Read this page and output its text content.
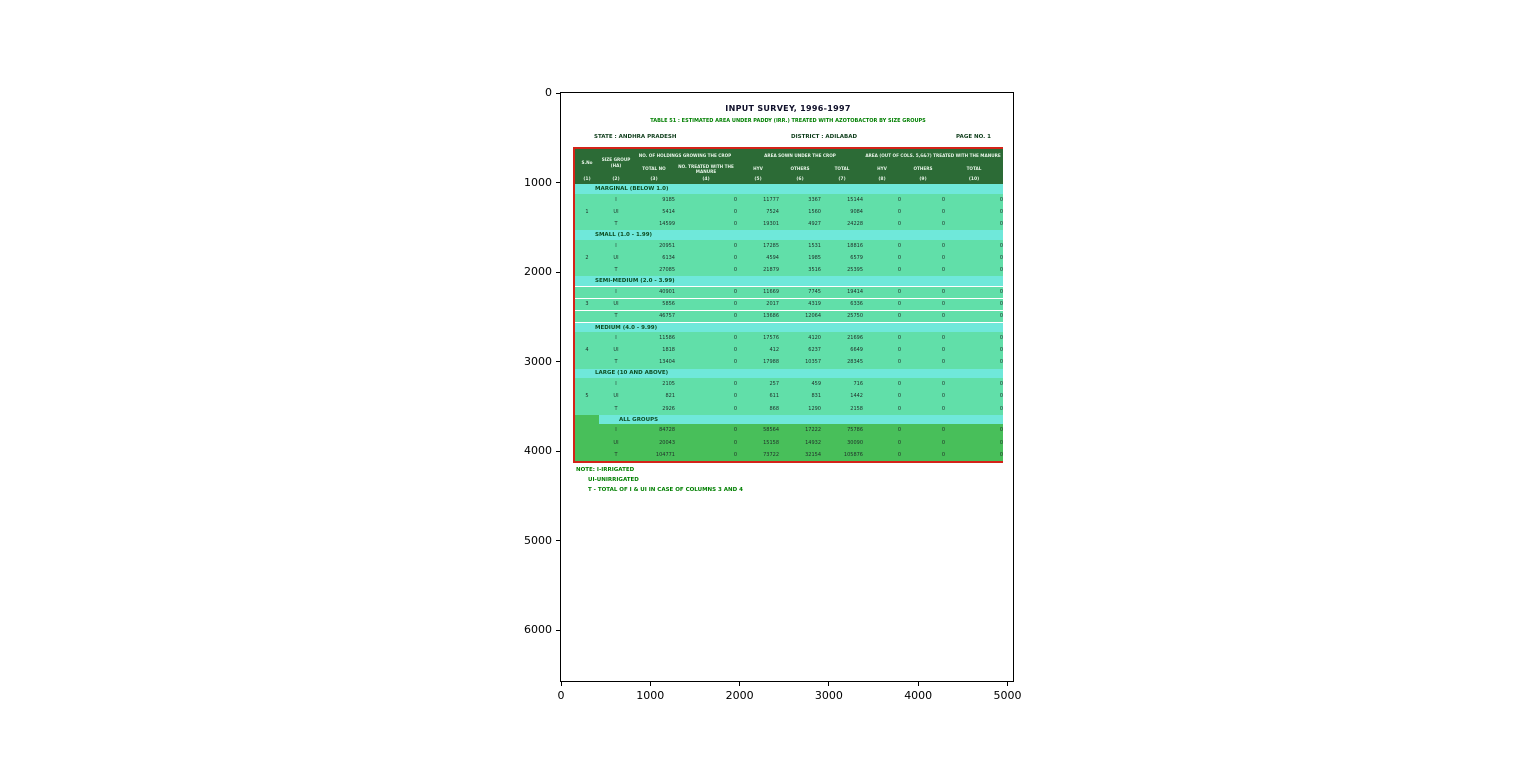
INPUT SURVEY, 1996-1997
TABLE 51 : ESTIMATED AREA UNDER PADDY (IRR.) TREATED WITH AZOTOBACTOR BY SIZE GROUPS
STATE : ANDHRA PRADESH	DISTRICT : ADILABAD	PAGE NO. 1
S.No	SIZE GROUP (HA)	NO. OF HOLDINGS GROWING THE CROP		AREA SOWN UNDER THE CROP			AREA (OUT OF COLS. 5,6&7) TREATED WITH THE MANURE		
		TOTAL NO	NO. TREATED WITH THE MANURE	HYV	OTHERS	TOTAL	HYV	OTHERS	TOTAL
(1)	(2)	(3)	(4)	(5)	(6)	(7)	(8)	(9)	(10)
MARGINAL (BELOW 1.0)									
	I	9185	0	11777	3367	15144	0	0	0
1	UI	5414	0	7524	1560	9084	0	0	0
	T	14599	0	19301	4927	24228	0	0	0
SMALL (1.0 - 1.99)									
	I	20951	0	17285	1531	18816	0	0	0
2	UI	6134	0	4594	1985	6579	0	0	0
	T	27085	0	21879	3516	25395	0	0	0
SEMI-MEDIUM (2.0 - 3.99)									
	I	40901	0	11669	7745	19414	0	0	0
3	UI	5856	0	2017	4319	6336	0	0	0
	T	46757	0	13686	12064	25750	0	0	0
MEDIUM (4.0 - 9.99)									
	I	11586	0	17576	4120	21696	0	0	0
4	UI	1818	0	412	6237	6649	0	0	0
	T	13404	0	17988	10357	28345	0	0	0
LARGE (10 AND ABOVE)									
	I	2105	0	257	459	716	0	0	0
5	UI	821	0	611	831	1442	0	0	0
	T	2926	0	868	1290	2158	0	0	0
	ALL GROUPS								
	I	84728	0	58564	17222	75786	0	0	0
	UI	20043	0	15158	14932	30090	0	0	0
	T	104771	0	73722	32154	105876	0	0	0
NOTE: I-IRRIGATED
UI-UNIRRIGATED
T - TOTAL OF I & UI IN CASE OF COLUMNS 3 AND 4
0
1000
2000
3000
4000
5000
6000
0	1000	2000	3000	4000	5000
